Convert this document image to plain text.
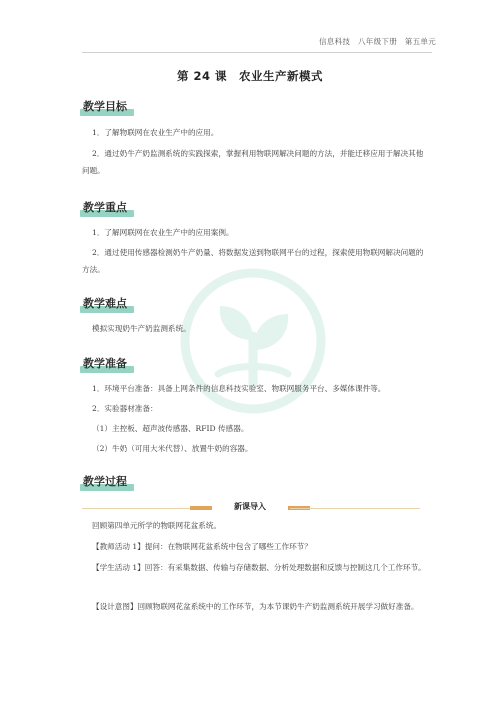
信息科技　八年级下册　第五单元
第 24 课　农业生产新模式
教学目标
1．了解物联网在农业生产中的应用。
2．通过奶牛产奶监测系统的实践探索，掌握利用物联网解决问题的方法，并能迁移应用于解决其他问题。
教学重点
1．了解网联网在农业生产中的应用案例。
2．通过使用传感器检测奶牛产奶量、将数据发送到物联网平台的过程，探索使用物联网解决问题的方法。
教学难点
模拟实现奶牛产奶监测系统。
教学准备
1．环境平台准备：具备上网条件的信息科技实验室、物联网服务平台、多媒体课件等。
2．实验器材准备：
（1）主控板、超声波传感器、RFID 传感器。
（2）牛奶（可用大米代替）、放置牛奶的容器。
教学过程
新课导入
回顾第四单元所学的物联网花盆系统。
【教师活动 1】提问：在物联网花盆系统中包含了哪些工作环节？
【学生活动 1】回答：有采集数据、传输与存储数据、分析处理数据和反馈与控制这几个工作环节。
【设计意图】回顾物联网花盆系统中的工作环节，为本节课奶牛产奶监测系统开展学习做好准备。
